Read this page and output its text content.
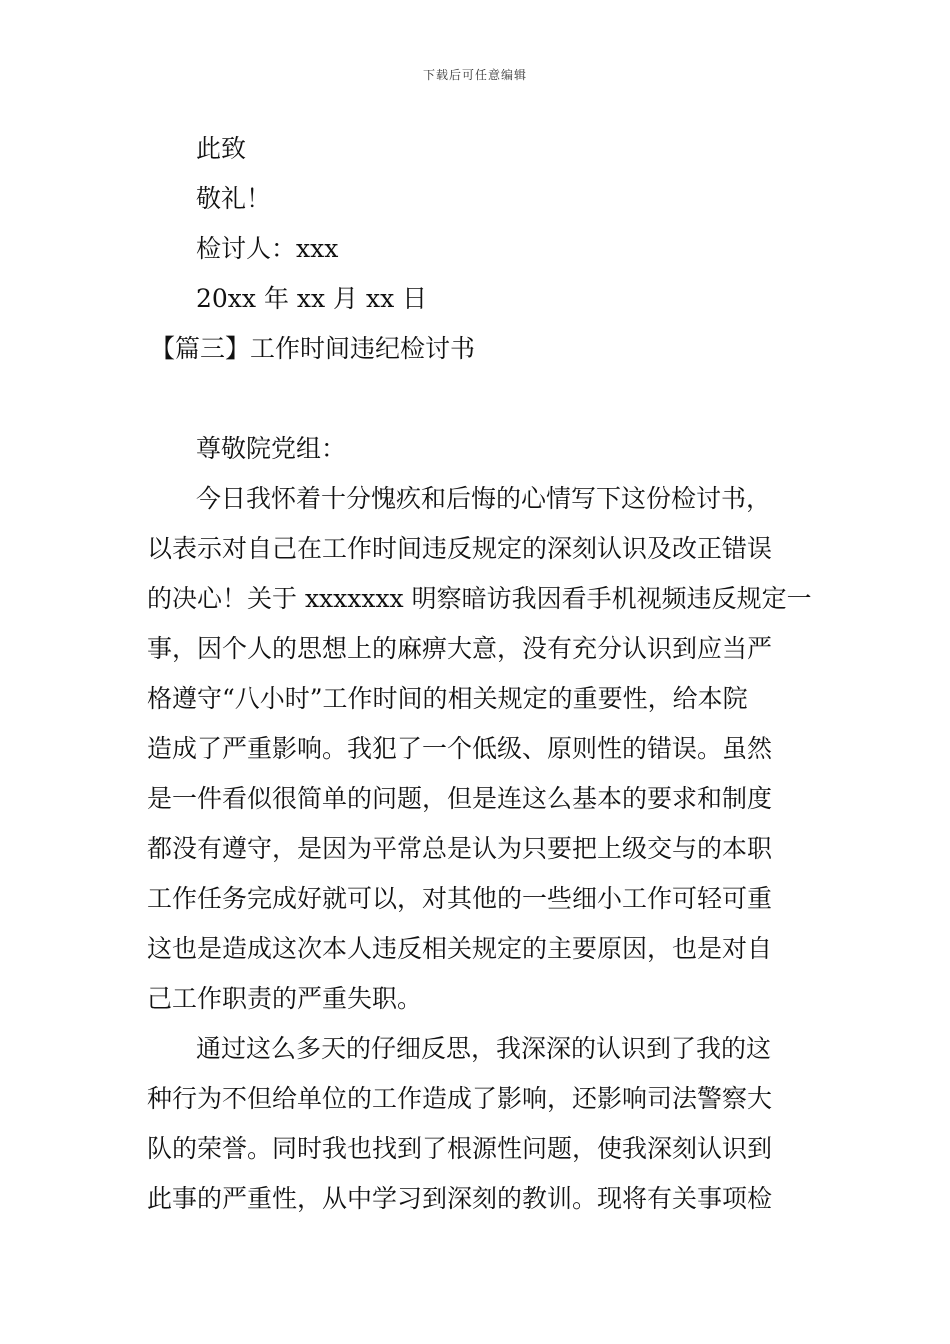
下载后可任意编辑
此致
敬礼！
检讨人：xxx
20xx 年 xx 月 xx 日
【篇三】工作时间违纪检讨书
尊敬院党组：
今日我怀着十分愧疚和后悔的心情写下这份检讨书，
以表示对自己在工作时间违反规定的深刻认识及改正错误
的决心！关于 xxxxxxx 明察暗访我因看手机视频违反规定一
事，因个人的思想上的麻痹大意，没有充分认识到应当严
格遵守“八小时”工作时间的相关规定的重要性，给本院
造成了严重影响。我犯了一个低级、原则性的错误。虽然
是一件看似很简单的问题，但是连这么基本的要求和制度
都没有遵守，是因为平常总是认为只要把上级交与的本职
工作任务完成好就可以，对其他的一些细小工作可轻可重
这也是造成这次本人违反相关规定的主要原因，也是对自
己工作职责的严重失职。
通过这么多天的仔细反思，我深深的认识到了我的这
种行为不但给单位的工作造成了影响，还影响司法警察大
队的荣誉。同时我也找到了根源性问题，使我深刻认识到
此事的严重性，从中学习到深刻的教训。现将有关事项检
